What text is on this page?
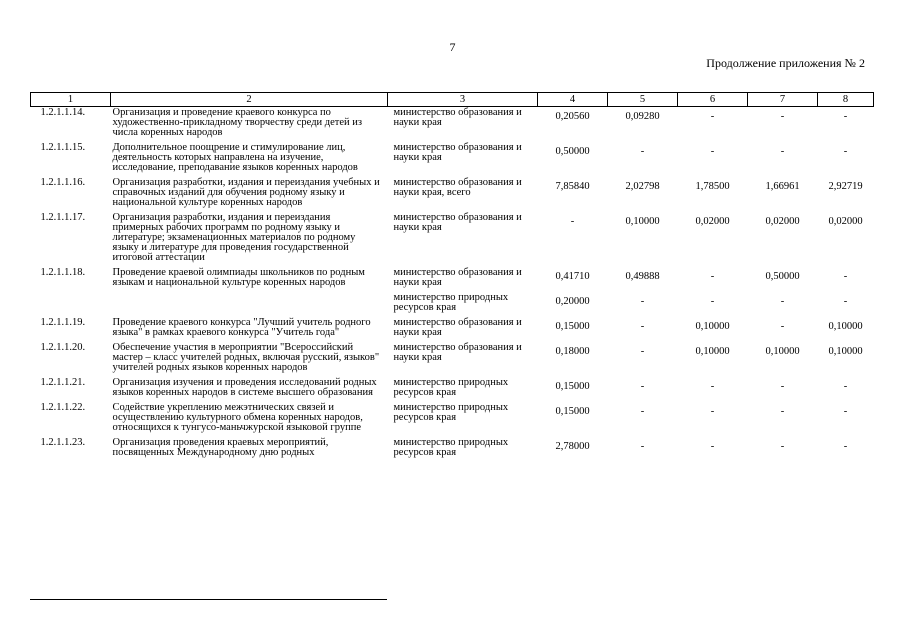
7
Продолжение приложения № 2
1	2	3	4	5	6	7	8
1.2.1.1.14.	Организация и проведение краевого конкурса по художественно-прикладному творчеству среди детей из числа коренных народов	министерство образования и науки края	0,20560	0,09280	-	-	-
1.2.1.1.15.	Дополнительное поощрение и стимулирование лиц, деятельность которых направлена на изучение, исследование, преподавание языков коренных народов	министерство образования и науки края	0,50000	-	-	-	-
1.2.1.1.16.	Организация разработки, издания и переиздания учебных и справочных изданий для обучения родному языку и национальной культуре коренных народов	министерство образования и науки края, всего	7,85840	2,02798	1,78500	1,66961	2,92719
1.2.1.1.17.	Организация разработки, издания и переиздания примерных рабочих программ по родному языку и литературе; экзаменационных материалов по родному языку и литературе для проведения государственной итоговой аттестации	министерство образования и науки края	-	0,10000	0,02000	0,02000	0,02000
1.2.1.1.18.	Проведение краевой олимпиады школьников по родным языкам и национальной культуре коренных народов	министерство образования и науки края	0,41710	0,49888	-	0,50000	-
		министерство природных ресурсов края	0,20000	-	-	-	-
1.2.1.1.19.	Проведение краевого конкурса "Лучший учитель родного языка" в рамках краевого конкурса "Учитель года"	министерство образования и науки края	0,15000	-	0,10000	-	0,10000
1.2.1.1.20.	Обеспечение участия в мероприятии "Всероссийский мастер – класс учителей родных, включая русский, языков" учителей родных языков коренных народов	министерство образования и науки края	0,18000	-	0,10000	0,10000	0,10000
1.2.1.1.21.	Организация изучения и проведения исследований родных языков коренных народов в системе высшего образования	министерство природных ресурсов края	0,15000	-	-	-	-
1.2.1.1.22.	Содействие укреплению межэтнических связей и осуществлению культурного обмена коренных народов, относящихся к тунгусо-маньчжурской языковой группе	министерство природных ресурсов края	0,15000	-	-	-	-
1.2.1.1.23.	Организация проведения краевых мероприятий, посвященных Международному дню родных	министерство природных ресурсов края	2,78000	-	-	-	-
